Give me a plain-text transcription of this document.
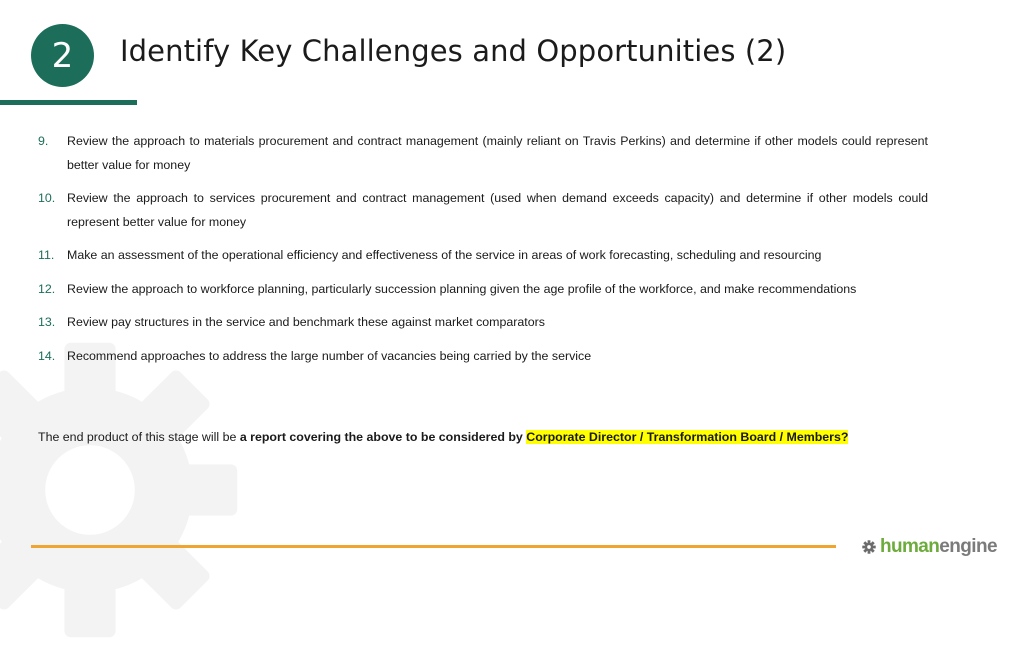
2	Identify Key Challenges and Opportunities (2)
9. Review the approach to materials procurement and contract management (mainly reliant on Travis Perkins) and determine if other models could represent better value for money
10. Review the approach to services procurement and contract management (used when demand exceeds capacity) and determine if other models could represent better value for money
11. Make an assessment of the operational efficiency and effectiveness of the service in areas of work forecasting, scheduling and resourcing
12. Review the approach to workforce planning, particularly succession planning given the age profile of the workforce, and make recommendations
13. Review pay structures in the service and benchmark these against market comparators
14. Recommend approaches to address the large number of vacancies being carried by the service

The end product of this stage will be a report covering the above to be considered by Corporate Director / Transformation Board / Members?

human engine
